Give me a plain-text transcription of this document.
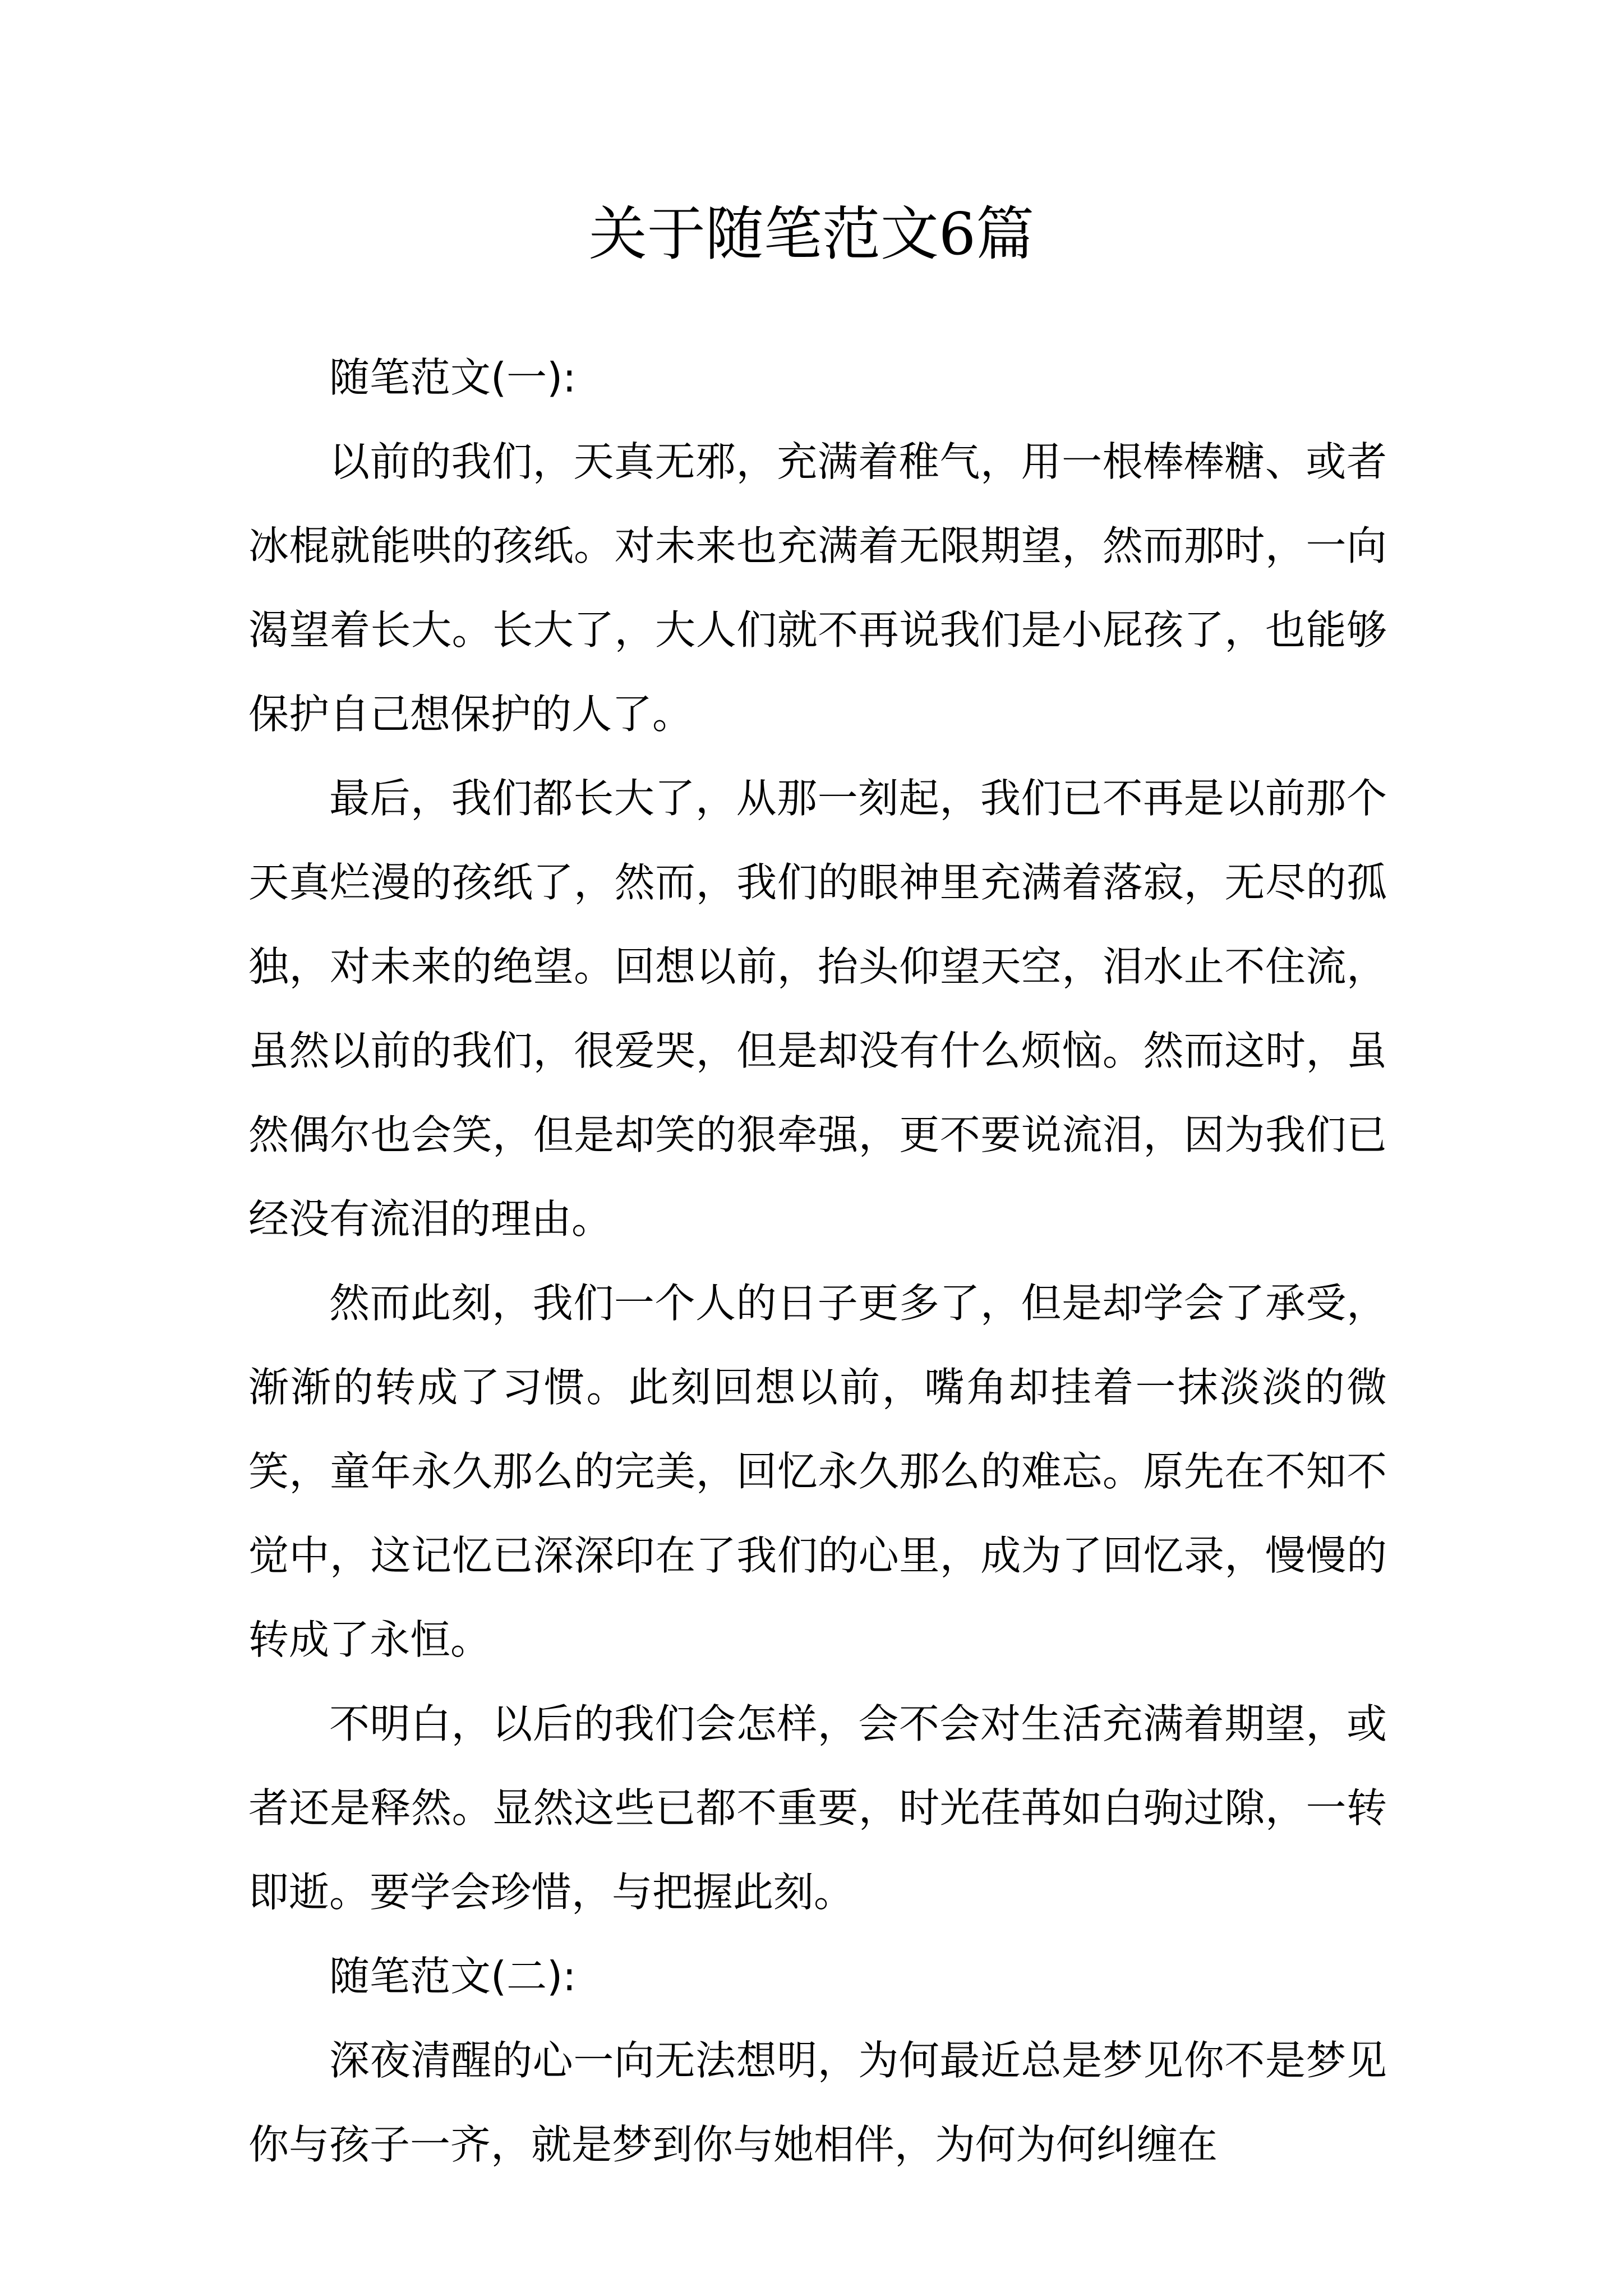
关于随笔范文6篇

随笔范文(一):

以前的我们，天真无邪，充满着稚气，用一根棒棒糖、或者冰棍就能哄的孩纸。对未来也充满着无限期望，然而那时，一向渴望着长大。长大了，大人们就不再说我们是小屁孩了，也能够保护自己想保护的人了。

最后，我们都长大了，从那一刻起，我们已不再是以前那个天真烂漫的孩纸了，然而，我们的眼神里充满着落寂，无尽的孤独，对未来的绝望。回想以前，抬头仰望天空，泪水止不住流，虽然以前的我们，很爱哭，但是却没有什么烦恼。然而这时，虽然偶尔也会笑，但是却笑的狠牵强，更不要说流泪，因为我们已经没有流泪的理由。

然而此刻，我们一个人的日子更多了，但是却学会了承受，渐渐的转成了习惯。此刻回想以前，嘴角却挂着一抹淡淡的微笑，童年永久那么的完美，回忆永久那么的难忘。原先在不知不觉中，这记忆已深深印在了我们的心里，成为了回忆录，慢慢的转成了永恒。

不明白，以后的我们会怎样，会不会对生活充满着期望，或者还是释然。显然这些已都不重要，时光荏苒如白驹过隙，一转即逝。要学会珍惜，与把握此刻。

随笔范文(二):

深夜清醒的心一向无法想明，为何最近总是梦见你不是梦见你与孩子一齐，就是梦到你与她相伴，为何为何纠缠在
